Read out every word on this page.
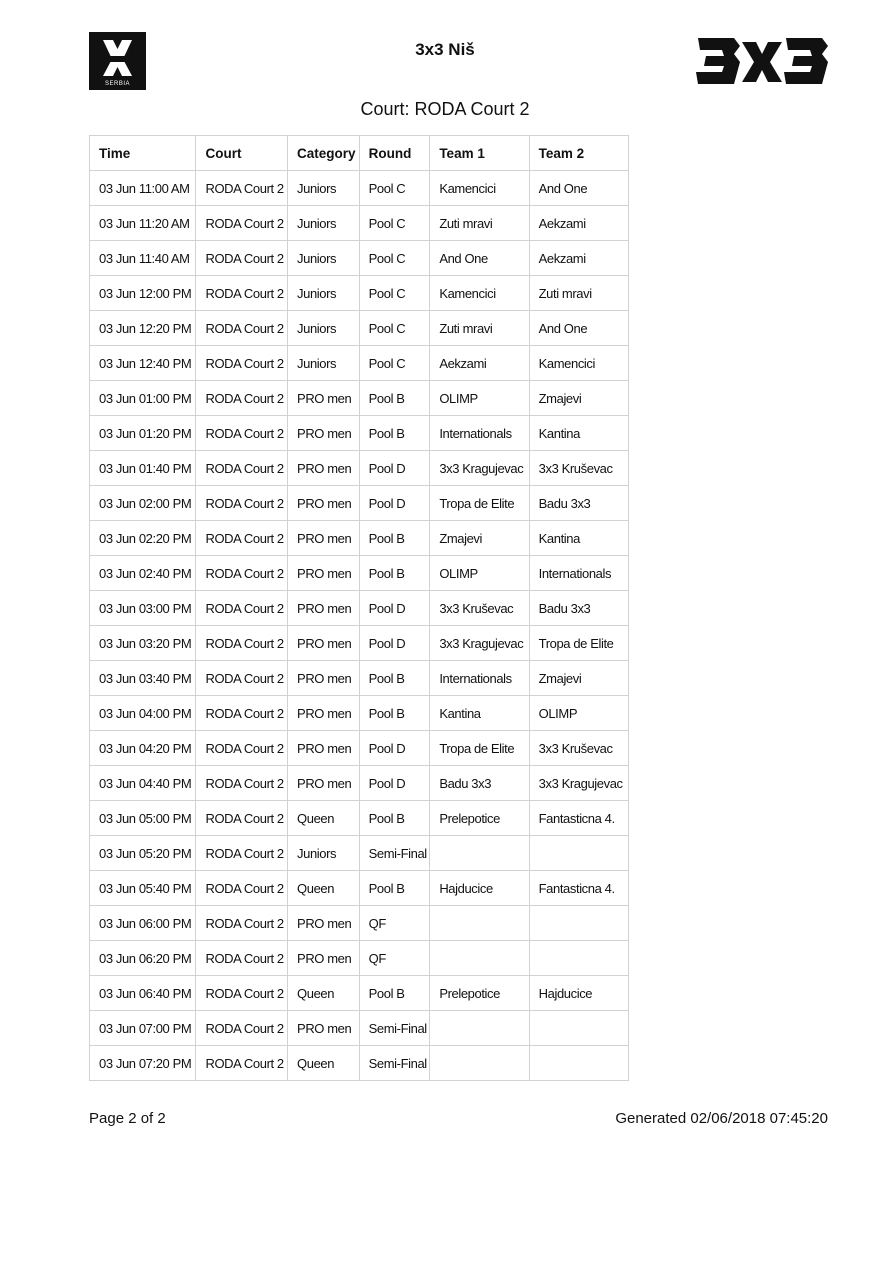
SERBIA
3x3 Niš
Court: RODA Court 2
Time	Court	Category	Round	Team 1	Team 2
03 Jun 11:00 AM	RODA Court 2	Juniors	Pool C	Kamencici	And One
03 Jun 11:20 AM	RODA Court 2	Juniors	Pool C	Zuti mravi	Aekzami
03 Jun 11:40 AM	RODA Court 2	Juniors	Pool C	And One	Aekzami
03 Jun 12:00 PM	RODA Court 2	Juniors	Pool C	Kamencici	Zuti mravi
03 Jun 12:20 PM	RODA Court 2	Juniors	Pool C	Zuti mravi	And One
03 Jun 12:40 PM	RODA Court 2	Juniors	Pool C	Aekzami	Kamencici
03 Jun 01:00 PM	RODA Court 2	PRO men	Pool B	OLIMP	Zmajevi
03 Jun 01:20 PM	RODA Court 2	PRO men	Pool B	Internationals	Kantina
03 Jun 01:40 PM	RODA Court 2	PRO men	Pool D	3x3 Kragujevac	3x3 Kruševac
03 Jun 02:00 PM	RODA Court 2	PRO men	Pool D	Tropa de Elite	Badu 3x3
03 Jun 02:20 PM	RODA Court 2	PRO men	Pool B	Zmajevi	Kantina
03 Jun 02:40 PM	RODA Court 2	PRO men	Pool B	OLIMP	Internationals
03 Jun 03:00 PM	RODA Court 2	PRO men	Pool D	3x3 Kruševac	Badu 3x3
03 Jun 03:20 PM	RODA Court 2	PRO men	Pool D	3x3 Kragujevac	Tropa de Elite
03 Jun 03:40 PM	RODA Court 2	PRO men	Pool B	Internationals	Zmajevi
03 Jun 04:00 PM	RODA Court 2	PRO men	Pool B	Kantina	OLIMP
03 Jun 04:20 PM	RODA Court 2	PRO men	Pool D	Tropa de Elite	3x3 Kruševac
03 Jun 04:40 PM	RODA Court 2	PRO men	Pool D	Badu 3x3	3x3 Kragujevac
03 Jun 05:00 PM	RODA Court 2	Queen	Pool B	Prelepotice	Fantasticna 4.
03 Jun 05:20 PM	RODA Court 2	Juniors	Semi-Final		
03 Jun 05:40 PM	RODA Court 2	Queen	Pool B	Hajducice	Fantasticna 4.
03 Jun 06:00 PM	RODA Court 2	PRO men	QF		
03 Jun 06:20 PM	RODA Court 2	PRO men	QF		
03 Jun 06:40 PM	RODA Court 2	Queen	Pool B	Prelepotice	Hajducice
03 Jun 07:00 PM	RODA Court 2	PRO men	Semi-Final		
03 Jun 07:20 PM	RODA Court 2	Queen	Semi-Final		
Page 2 of 2	Generated 02/06/2018 07:45:20
